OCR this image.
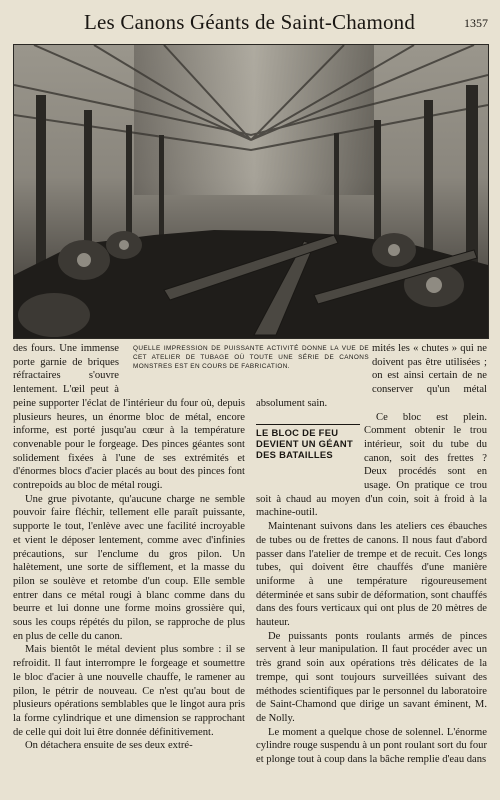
Les Canons Géants de Saint-Chamond	1357
QUELLE IMPRESSION DE PUISSANTE ACTIVITÉ DONNE LA VUE DE CET ATELIER DE TUBAGE OÙ TOUTE UNE SÉRIE DE CANONS MONSTRES EST EN COURS DE FABRICATION.
LE BLOC DE FEU DEVIENT UN GÉANT DES BATAILLES

des fours. Une immense porte garnie de briques réfractaires s'ouvre lentement. L'œil peut à peine supporter l'éclat de l'intérieur du four où, depuis plusieurs heures, un énorme bloc de métal, encore informe, est porté jusqu'au cœur à la température convenable pour le forgeage. Des pinces géantes sont solidement fixées à l'une de ses extrémités et d'énormes blocs d'acier placés au bout des pinces font contrepoids au bloc de métal rougi.

Une grue pivotante, qu'aucune charge ne semble pouvoir faire fléchir, tellement elle paraît puissante, supporte le tout, l'enlève avec une facilité incroyable et vient le déposer lentement, comme avec d'infinies précautions, sur l'enclume du gros pilon. Un halètement, une sorte de sifflement, et la masse du pilon se soulève et retombe d'un coup. Elle semble entrer dans ce métal rougi à blanc comme dans du beurre et lui donne une forme moins grossière qui, sous les coups répétés du pilon, se rapproche de plus en plus de celle du canon.

Mais bientôt le métal devient plus sombre : il se refroidit. Il faut interrompre le forgeage et soumettre le bloc d'acier à une nouvelle chauffe, le ramener au pilon, le pétrir de nouveau. Ce n'est qu'au bout de plusieurs opérations semblables que le lingot aura pris la forme cylindrique et une dimension se rapprochant de celle qui doit lui être donnée définitivement.

On détachera ensuite de ses deux extré-

mités les « chutes » qui ne doivent pas être utilisées ; on est ainsi certain de ne conserver qu'un métal absolument sain.

Ce bloc est plein. Comment obtenir le trou intérieur, soit du tube du canon, soit des frettes ? Deux procédés sont en usage. On pratique ce trou soit à chaud au moyen d'un coin, soit à froid à la machine-outil.

Maintenant suivons dans les ateliers ces ébauches de tubes ou de frettes de canons. Il nous faut d'abord passer dans l'atelier de trempe et de recuit. Ces longs tubes, qui doivent être chauffés d'une manière uniforme à une température rigoureusement déterminée et sans subir de déformation, sont chauffés dans des fours verticaux qui ont plus de 20 mètres de hauteur.

De puissants ponts roulants armés de pinces servent à leur manipulation. Il faut procéder avec un très grand soin aux opérations très délicates de la trempe, qui sont toujours surveillées suivant des méthodes scientifiques par le personnel du laboratoire de Saint-Chamond que dirige un savant éminent, M. de Nolly.

Le moment a quelque chose de solennel. L'énorme cylindre rouge suspendu à un pont roulant sort du four et plonge tout à coup dans la bâche remplie d'eau dans
